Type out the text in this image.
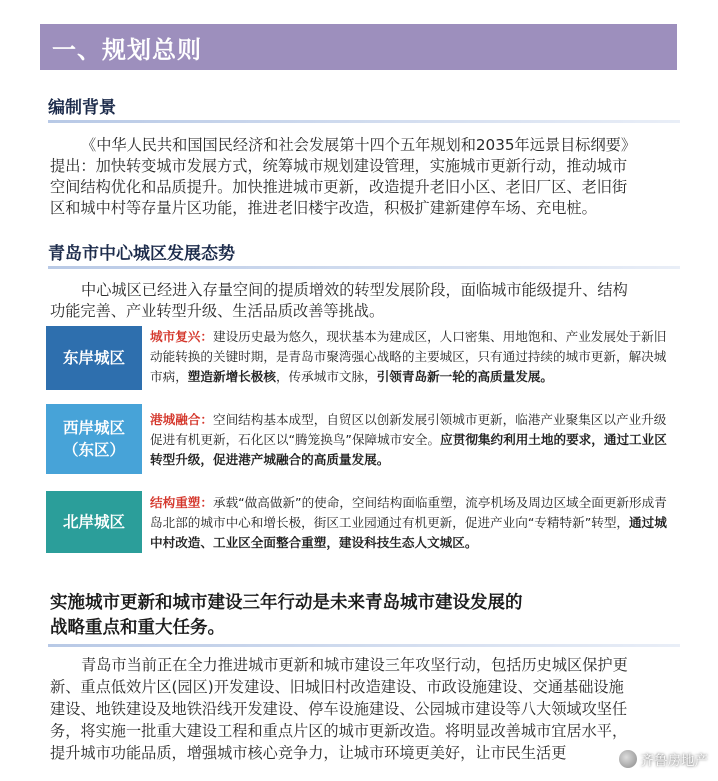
一、规划总则
编制背景
《中华人民共和国国民经济和社会发展第十四个五年规划和2035年远景目标纲要》
提出：加快转变城市发展方式，统筹城市规划建设管理，实施城市更新行动，推动城市
空间结构优化和品质提升。加快推进城市更新，改造提升老旧小区、老旧厂区、老旧街
区和城中村等存量片区功能，推进老旧楼宇改造，积极扩建新建停车场、充电桩。
青岛市中心城区发展态势
中心城区已经进入存量空间的提质增效的转型发展阶段，面临城市能级提升、结构
功能完善、产业转型升级、生活品质改善等挑战。
东岸城区

城市复兴：建设历史最为悠久，现状基本为建成区，人口密集、用地饱和、产业发展处于新旧动能转换的关键时期，是青岛市聚湾强心战略的主要城区，只有通过持续的城市更新，解决城市病，塑造新增长极核，传承城市文脉，引领青岛新一轮的高质量发展。

西岸城区
（东区）

港城融合：空间结构基本成型，自贸区以创新发展引领城市更新，临港产业聚集区以产业升级促进有机更新，石化区以“腾笼换鸟”保障城市安全。应贯彻集约利用土地的要求，通过工业区转型升级，促进港产城融合的高质量发展。

北岸城区

结构重塑：承载“做高做新”的使命，空间结构面临重塑，流亭机场及周边区域全面更新形成青岛北部的城市中心和增长极，街区工业园通过有机更新，促进产业向“专精特新”转型，通过城中村改造、工业区全面整合重塑，建设科技生态人文城区。

实施城市更新和城市建设三年行动是未来青岛城市建设发展的
战略重点和重大任务。
青岛市当前正在全力推进城市更新和城市建设三年攻坚行动，包括历史城区保护更
新、重点低效片区(园区)开发建设、旧城旧村改造建设、市政设施建设、交通基础设施
建设、地铁建设及地铁沿线开发建设、停车设施建设、公园城市建设等八大领域攻坚任
务，将实施一批重大建设工程和重点片区的城市更新改造。将明显改善城市宜居水平，
提升城市功能品质，增强城市核心竞争力，让城市环境更美好，让市民生活更	齐鲁房地产
